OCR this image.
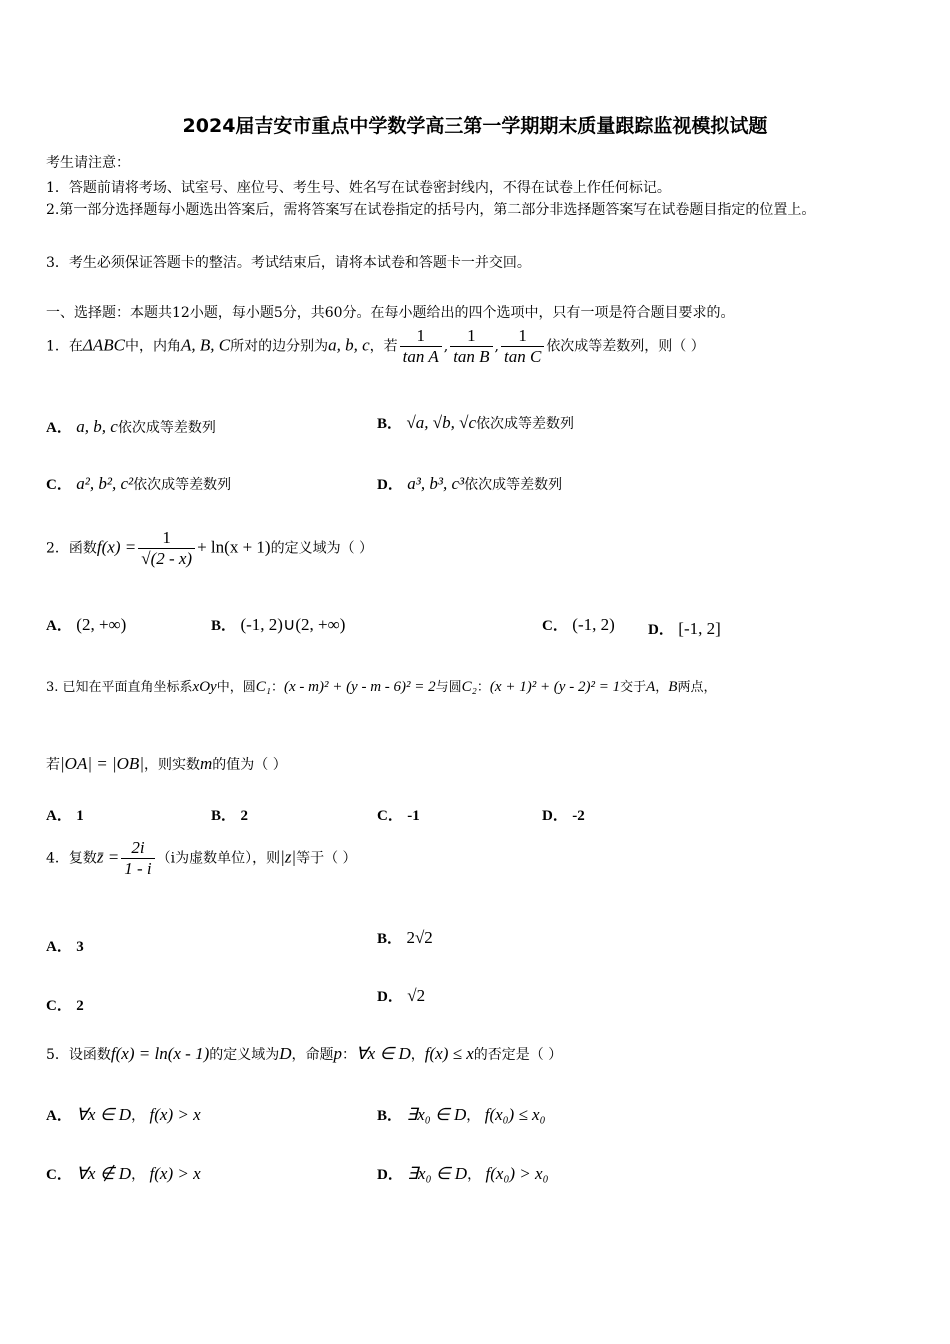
2024届吉安市重点中学数学高三第一学期期末质量跟踪监视模拟试题
考生请注意：
1．答题前请将考场、试室号、座位号、考生号、姓名写在试卷密封线内，不得在试卷上作任何标记。
2.第一部分选择题每小题选出答案后，需将答案写在试卷指定的括号内，第二部分非选择题答案写在试卷题目指定的位置上。
3．考生必须保证答题卡的整洁。考试结束后，请将本试卷和答题卡一并交回。
一、选择题：本题共12小题，每小题5分，共60分。在每小题给出的四个选项中，只有一项是符合题目要求的。
1．在ΔABC中，内角A, B, C所对的边分别为a, b, c，若 $\frac{1}{\text{tan A}}$ , $\frac{1}{\text{tan B}}$ , $\frac{1}{\text{tan C}}$ 依次成等差数列，则（ ）
A． a, b, c依次成等差数列	B． √a, √b, √c依次成等差数列
C． a², b², c²依次成等差数列	D． a³, b³, c³依次成等差数列
2．函数$f(x) = \frac{1}{√(2 - x)} + \ln(x + 1)$的定义域为（ ）
A． (2, +∞)	B． (-1, 2)∪(2, +∞)	C． (-1, 2) D． [-1, 2]
3. 已知在平面直角坐标系xOy中，圆C₁：(x - m)² + (y - m - 6)² = 2与圆C₂：(x + 1)² + (y - 2)² = 1交于A，B两点，
若|OA| = |OB|，则实数m的值为（ ）
A． 1	B． 2	C． -1	D． -2
4．复数z̄ = $\frac{2i}{1 - i} (i$为虚数单位），则|z|等于（ ）
A． 3	B． 2√2
C． 2
D． √2
5．设函数f(x) = ln(x - 1)的定义域为D，命题p：∀x ∈ D，f(x) ≤ x的否定是（ ）
A． ∀x ∈ D， f(x) > x	B． ∃x₀ ∈ D， f(x₀) ≤ x₀
C． ∀x ∉ D， f(x) > x	D． ∃x₀ ∈ D， f(x₀) > x₀
